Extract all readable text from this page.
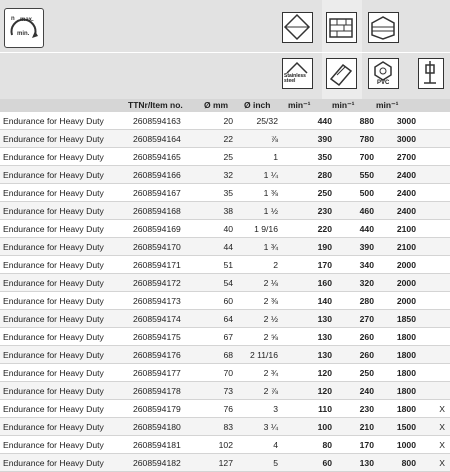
max.
n
min.
Stainless steel	PVC
TTNr/Item no. Ø mm Ø inch min⁻¹	min⁻¹	min⁻¹
Endurance for Heavy Duty	2608594163	20	25/32	440	880	3000	
Endurance for Heavy Duty	2608594164	22	⅞	390	780	3000	
Endurance for Heavy Duty	2608594165	25	1	350	700	2700	
Endurance for Heavy Duty	2608594166	32	1 ¼	280	550	2400	
Endurance for Heavy Duty	2608594167	35	1 ⅜	250	500	2400	
Endurance for Heavy Duty	2608594168	38	1 ½	230	460	2400	
Endurance for Heavy Duty	2608594169	40	1 9/16	220	440	2100	
Endurance for Heavy Duty	2608594170	44	1 ¾	190	390	2100	
Endurance for Heavy Duty	2608594171	51	2	170	340	2000	
Endurance for Heavy Duty	2608594172	54	2 ⅛	160	320	2000	
Endurance for Heavy Duty	2608594173	60	2 ⅜	140	280	2000	
Endurance for Heavy Duty	2608594174	64	2 ½	130	270	1850	
Endurance for Heavy Duty	2608594175	67	2 ⅝	130	260	1800	
Endurance for Heavy Duty	2608594176	68	2 11/16	130	260	1800	
Endurance for Heavy Duty	2608594177	70	2 ¾	120	250	1800	
Endurance for Heavy Duty	2608594178	73	2 ⅞	120	240	1800	
Endurance for Heavy Duty	2608594179	76	3	110	230	1800	X
Endurance for Heavy Duty	2608594180	83	3 ¼	100	210	1500	X
Endurance for Heavy Duty	2608594181	102	4	80	170	1000	X
Endurance for Heavy Duty	2608594182	127	5	60	130	800	X
